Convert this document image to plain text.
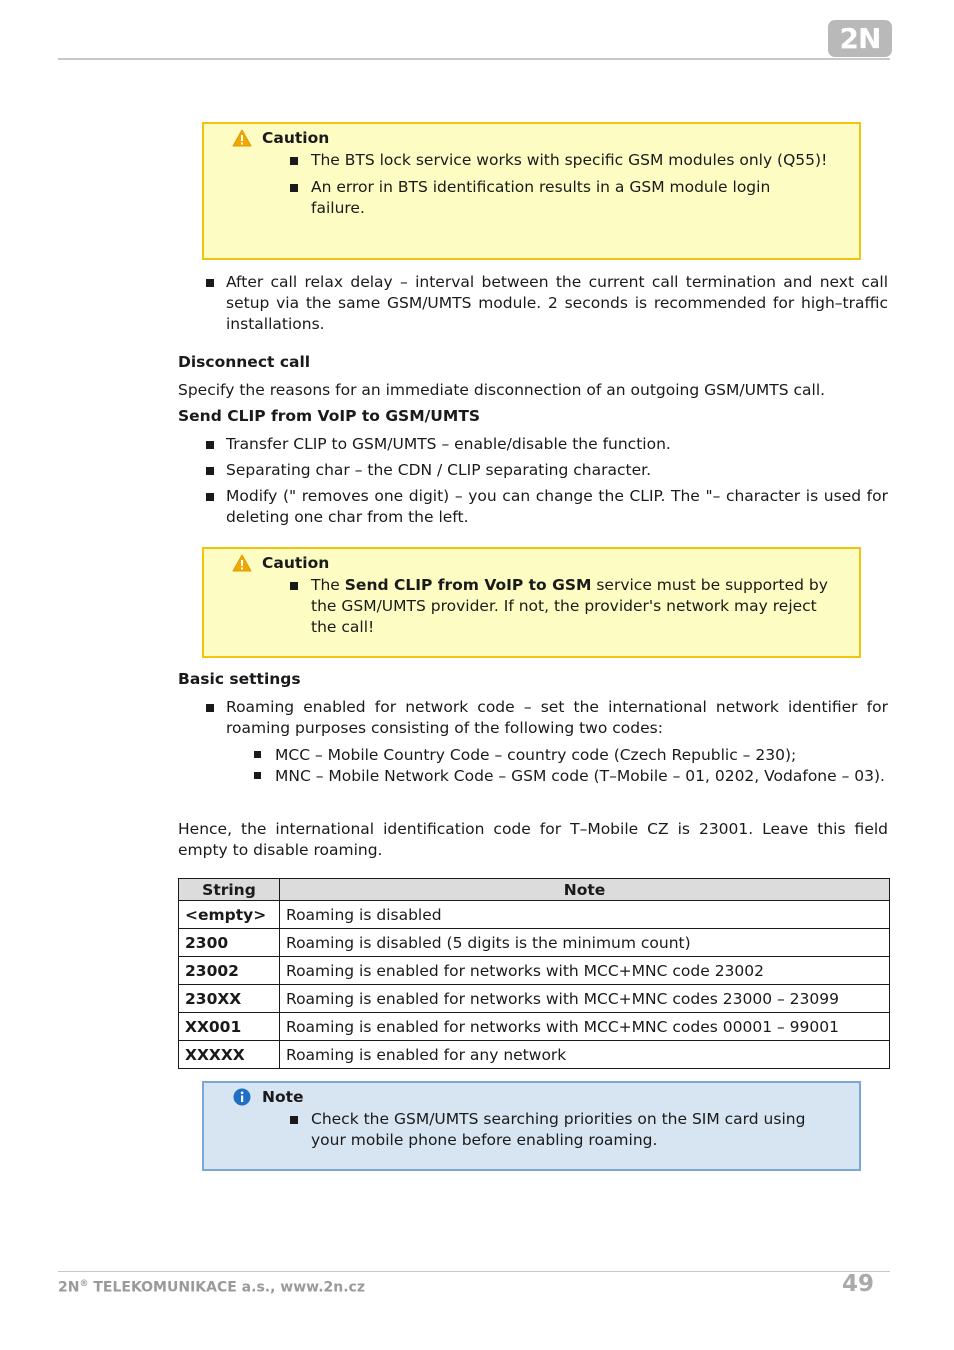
2N
Caution
The BTS lock service works with specific GSM modules only (Q55)!
An error in BTS identification results in a GSM module login failure.
After call relax delay – interval between the current call termination and next call setup via the same GSM/UMTS module. 2 seconds is recommended for high–traffic installations.
Disconnect call
Specify the reasons for an immediate disconnection of an outgoing GSM/UMTS call.
Send CLIP from VoIP to GSM/UMTS
Transfer CLIP to GSM/UMTS – enable/disable the function.
Separating char – the CDN / CLIP separating character.
Modify (" removes one digit) – you can change the CLIP. The "– character is used for deleting one char from the left.
Caution
The Send CLIP from VoIP to GSM service must be supported by the GSM/UMTS provider. If not, the provider's network may reject the call!
Basic settings
Roaming enabled for network code – set the international network identifier for roaming purposes consisting of the following two codes:
MCC – Mobile Country Code – country code (Czech Republic – 230);
MNC – Mobile Network Code – GSM code (T–Mobile – 01, 0202, Vodafone – 03).
Hence, the international identification code for T–Mobile CZ is 23001. Leave this field empty to disable roaming.
String	Note
<empty>	Roaming is disabled
2300	Roaming is disabled (5 digits is the minimum count)
23002	Roaming is enabled for networks with MCC+MNC code 23002
230XX	Roaming is enabled for networks with MCC+MNC codes 23000 – 23099
XX001	Roaming is enabled for networks with MCC+MNC codes 00001 – 99001
XXXXX	Roaming is enabled for any network
Note
Check the GSM/UMTS searching priorities on the SIM card using your mobile phone before enabling roaming.
2N® TELEKOMUNIKACE a.s., www.2n.cz	49
